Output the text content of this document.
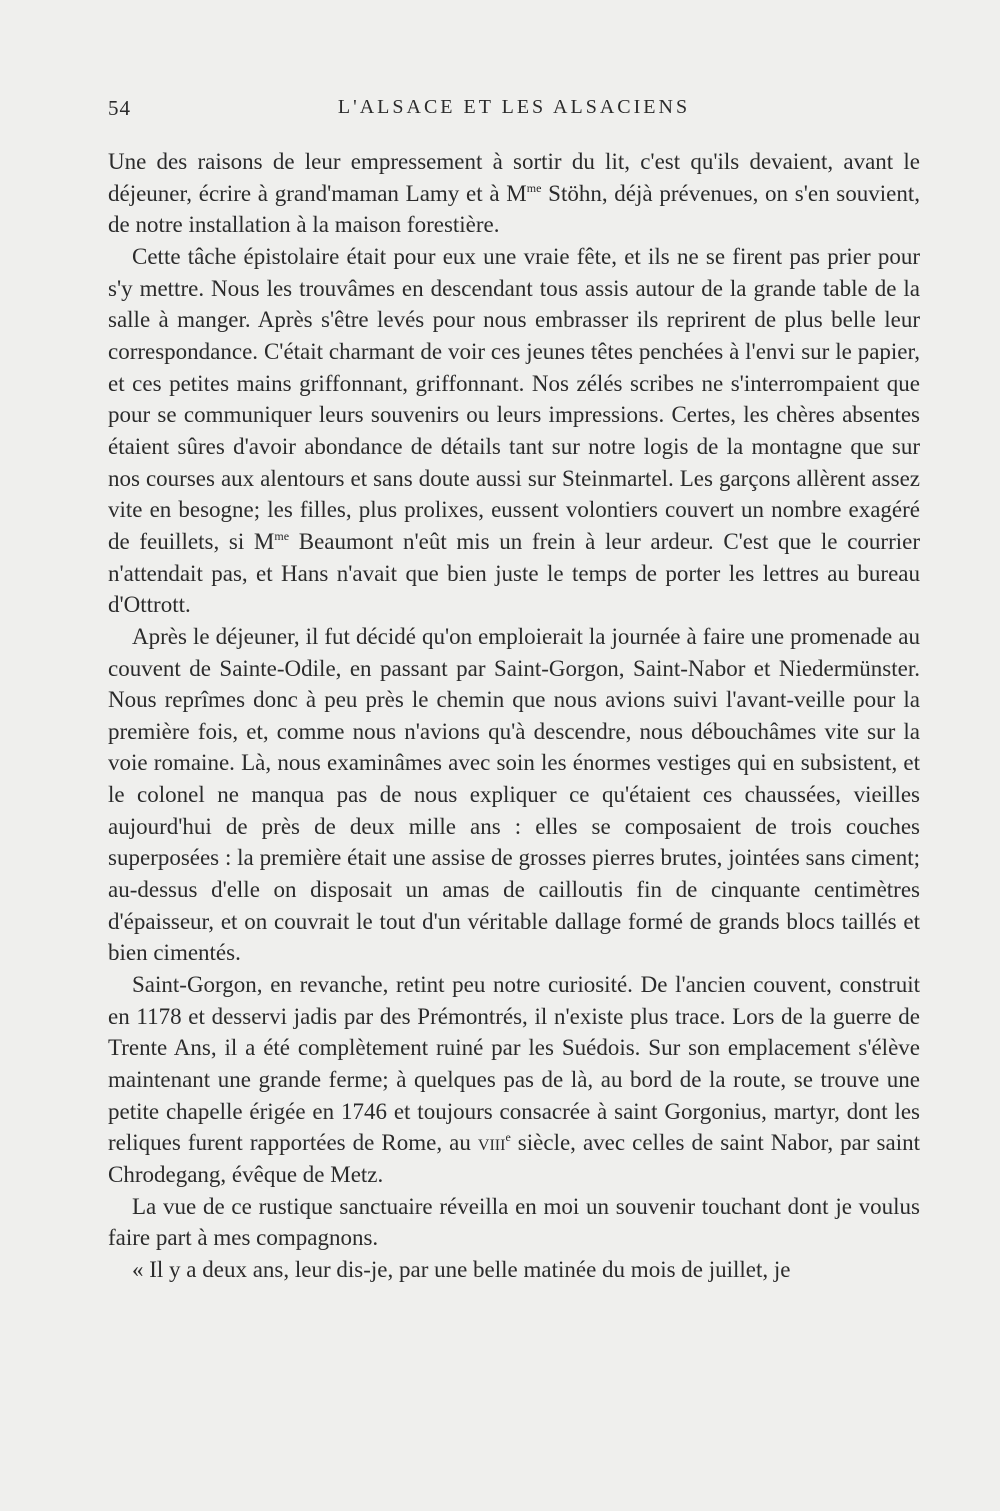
54	L'ALSACE ET LES ALSACIENS

Une des raisons de leur empressement à sortir du lit, c'est qu'ils devaient, avant le déjeuner, écrire à grand'maman Lamy et à $M^{me}$ Stöhn, déjà prévenues, on s'en souvient, de notre installation à la maison forestière.

Cette tâche épistolaire était pour eux une vraie fête, et ils ne se firent pas prier pour s'y mettre. Nous les trouvâmes en descendant tous assis autour de la grande table de la salle à manger. Après s'être levés pour nous embrasser ils reprirent de plus belle leur correspondance. C'était charmant de voir ces jeunes têtes penchées à l'envi sur le papier, et ces petites mains griffonnant, griffonnant. Nos zélés scribes ne s'interrompaient que pour se communiquer leurs souvenirs ou leurs impressions. Certes, les chères absentes étaient sûres d'avoir abondance de détails tant sur notre logis de la montagne que sur nos courses aux alentours et sans doute aussi sur Steinmartel. Les garçons allèrent assez vite en besogne; les filles, plus prolixes, eussent volontiers couvert un nombre exagéré de feuillets, si $M^{me}$ Beaumont n'eût mis un frein à leur ardeur. C'est que le courrier n'attendait pas, et Hans n'avait que bien juste le temps de porter les lettres au bureau d'Ottrott.

Après le déjeuner, il fut décidé qu'on emploierait la journée à faire une promenade au couvent de Sainte-Odile, en passant par Saint-Gorgon, Saint-Nabor et Niedermünster. Nous reprîmes donc à peu près le chemin que nous avions suivi l'avant-veille pour la première fois, et, comme nous n'avions qu'à descendre, nous débouchâmes vite sur la voie romaine. Là, nous examinâmes avec soin les énormes vestiges qui en subsistent, et le colonel ne manqua pas de nous expliquer ce qu'étaient ces chaussées, vieilles aujourd'hui de près de deux mille ans : elles se composaient de trois couches superposées : la première était une assise de grosses pierres brutes, jointées sans ciment; au-dessus d'elle on disposait un amas de cailloutis fin de cinquante centimètres d'épaisseur, et on couvrait le tout d'un véritable dallage formé de grands blocs taillés et bien cimentés.

Saint-Gorgon, en revanche, retint peu notre curiosité. De l'ancien couvent, construit en 1178 et desservi jadis par des Prémontrés, il n'existe plus trace. Lors de la guerre de Trente Ans, il a été complètement ruiné par les Suédois. Sur son emplacement s'élève maintenant une grande ferme; à quelques pas de là, au bord de la route, se trouve une petite chapelle érigée en 1746 et toujours consacrée à saint Gorgonius, martyr, dont les reliques furent rapportées de Rome, au viii$^e$ siècle, avec celles de saint Nabor, par saint Chrodegang, évêque de Metz.

La vue de ce rustique sanctuaire réveilla en moi un souvenir touchant dont je voulus faire part à mes compagnons.

« Il y a deux ans, leur dis-je, par une belle matinée du mois de juillet, je
